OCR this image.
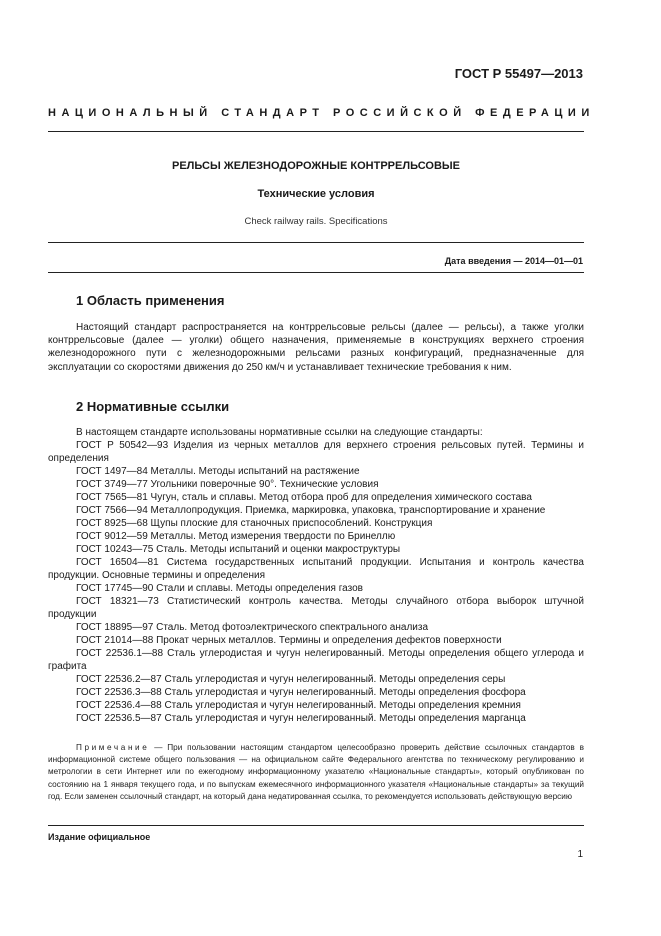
ГОСТ Р 55497—2013
НАЦИОНАЛЬНЫЙ СТАНДАРТ РОССИЙСКОЙ ФЕДЕРАЦИИ
РЕЛЬСЫ ЖЕЛЕЗНОДОРОЖНЫЕ КОНТРРЕЛЬСОВЫЕ
Технические условия
Check railway rails. Specifications
Дата введения — 2014—01—01
1 Область применения

Настоящий стандарт распространяется на контррельсовые рельсы (далее — рельсы), а также уголки контррельсовые (далее — уголки) общего назначения, применяемые в конструкциях верхнего строения железнодорожного пути с железнодорожными рельсами разных конфигураций, предназначенные для эксплуатации со скоростями движения до 250 км/ч и устанавливает технические требования к ним.

2 Нормативные ссылки
В настоящем стандарте использованы нормативные ссылки на следующие стандарты:
ГОСТ Р 50542—93 Изделия из черных металлов для верхнего строения рельсовых путей. Термины и определения
ГОСТ 1497—84 Металлы. Методы испытаний на растяжение
ГОСТ 3749—77 Угольники поверочные 90°. Технические условия
ГОСТ 7565—81 Чугун, сталь и сплавы. Метод отбора проб для определения химического состава
ГОСТ 7566—94 Металлопродукция. Приемка, маркировка, упаковка, транспортирование и хранение
ГОСТ 8925—68 Щупы плоские для станочных приспособлений. Конструкция
ГОСТ 9012—59 Металлы. Метод измерения твердости по Бринеллю
ГОСТ 10243—75 Сталь. Методы испытаний и оценки макроструктуры
ГОСТ 16504—81 Система государственных испытаний продукции. Испытания и контроль качества продукции. Основные термины и определения
ГОСТ 17745—90 Стали и сплавы. Методы определения газов
ГОСТ 18321—73 Статистический контроль качества. Методы случайного отбора выборок штучной продукции
ГОСТ 18895—97 Сталь. Метод фотоэлектрического спектрального анализа
ГОСТ 21014—88 Прокат черных металлов. Термины и определения дефектов поверхности
ГОСТ 22536.1—88 Сталь углеродистая и чугун нелегированный. Методы определения общего углерода и графита
ГОСТ 22536.2—87 Сталь углеродистая и чугун нелегированный. Методы определения серы
ГОСТ 22536.3—88 Сталь углеродистая и чугун нелегированный. Методы определения фосфора
ГОСТ 22536.4—88 Сталь углеродистая и чугун нелегированный. Методы определения кремния
ГОСТ 22536.5—87 Сталь углеродистая и чугун нелегированный. Методы определения марганца

Примечание — При пользовании настоящим стандартом целесообразно проверить действие ссылочных стандартов в информационной системе общего пользования — на официальном сайте Федерального агентства по техническому регулированию и метрологии в сети Интернет или по ежегодному информационному указателю «Национальные стандарты», который опубликован по состоянию на 1 января текущего года, и по выпускам ежемесячного информационного указателя «Национальные стандарты» за текущий год. Если заменен ссылочный стандарт, на который дана недатированная ссылка, то рекомендуется использовать действующую версию

Издание официальное
1
